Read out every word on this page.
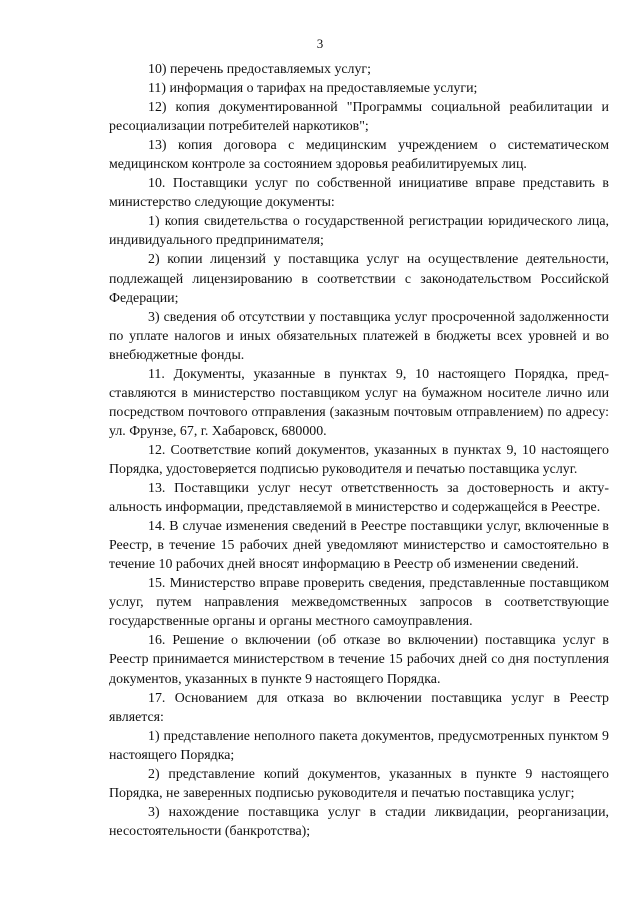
3

10) перечень предоставляемых услуг;

11) информация о тарифах на предоставляемые услуги;

12) копия документированной "Программы социальной реабилитации и ресоциализации потребителей наркотиков";

13) копия договора с медицинским учреждением о систематическом медицинском контроле за состоянием здоровья реабилитируемых лиц.

10. Поставщики услуг по собственной инициативе вправе представить в министерство следующие документы:

1) копия свидетельства о государственной регистрации юридического лица, индивидуального предпринимателя;

2) копии лицензий у поставщика услуг на осуществление деятельности, подлежащей лицензированию в соответствии с законодательством Российской Федерации;

3) сведения об отсутствии у поставщика услуг просроченной задолженности по уплате налогов и иных обязательных платежей в бюджеты всех уровней и во внебюджетные фонды.

11. Документы, указанные в пунктах 9, 10 настоящего Порядка, представляются в министерство поставщиком услуг на бумажном носителе лично или посредством почтового отправления (заказным почтовым отправлением) по адресу: ул. Фрунзе, 67, г. Хабаровск, 680000.

12. Соответствие копий документов, указанных в пунктах 9, 10 настоящего Порядка, удостоверяется подписью руководителя и печатью поставщика услуг.

13. Поставщики услуг несут ответственность за достоверность и актуальность информации, представляемой в министерство и содержащейся в Реестре.

14. В случае изменения сведений в Реестре поставщики услуг, включенные в Реестр, в течение 15 рабочих дней уведомляют министерство и самостоятельно в течение 10 рабочих дней вносят информацию в Реестр об изменении сведений.

15. Министерство вправе проверить сведения, представленные поставщиком услуг, путем направления межведомственных запросов в соответствующие государственные органы и органы местного самоуправления.

16. Решение о включении (об отказе во включении) поставщика услуг в Реестр принимается министерством в течение 15 рабочих дней со дня поступления документов, указанных в пункте 9 настоящего Порядка.

17. Основанием для отказа во включении поставщика услуг в Реестр является:

1) представление неполного пакета документов, предусмотренных пунктом 9 настоящего Порядка;

2) представление копий документов, указанных в пункте 9 настоящего Порядка, не заверенных подписью руководителя и печатью поставщика услуг;

3) нахождение поставщика услуг в стадии ликвидации, реорганизации, несостоятельности (банкротства);
